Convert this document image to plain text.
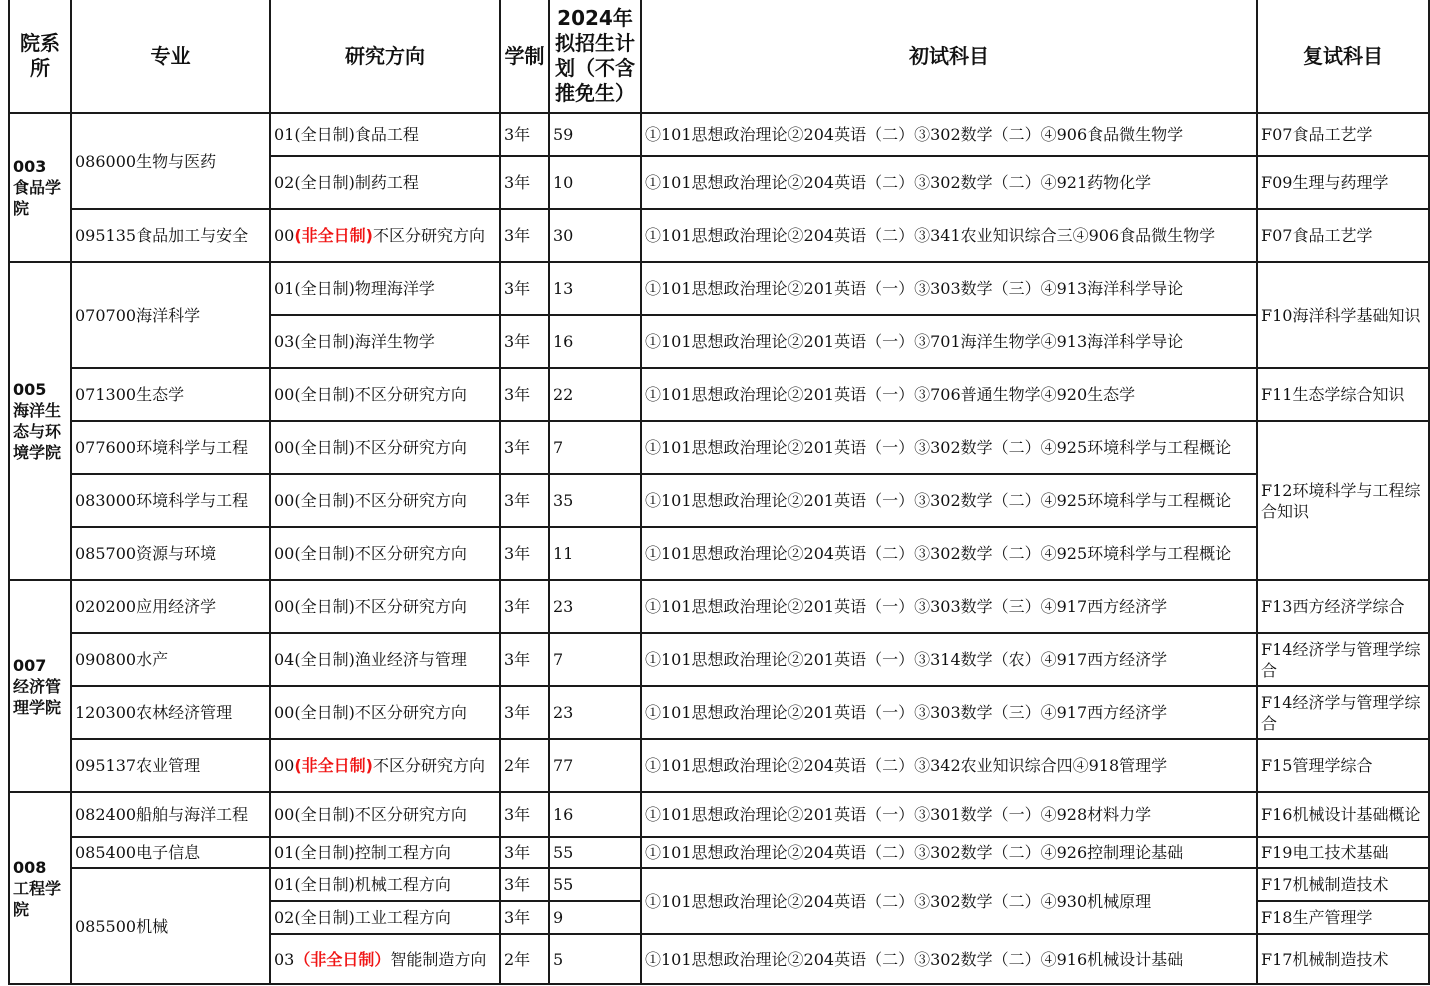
院系所	专业	研究方向	学制	2024年拟招生计划（不含推免生）	初试科目	复试科目
003
食品学院	086000生物与医药	01(全日制)食品工程	3年	59	①101思想政治理论②204英语（二）③302数学（二）④906食品微生物学	F07食品工艺学
		02(全日制)制药工程	3年	10	①101思想政治理论②204英语（二）③302数学（二）④921药物化学	F09生理与药理学
	095135食品加工与安全	00(非全日制)不区分研究方向	3年	30	①101思想政治理论②204英语（二）③341农业知识综合三④906食品微生物学	F07食品工艺学
005
海洋生态与环境学院	070700海洋科学	01(全日制)物理海洋学	3年	13	①101思想政治理论②201英语（一）③303数学（三）④913海洋科学导论	F10海洋科学基础知识
		03(全日制)海洋生物学	3年	16	①101思想政治理论②201英语（一）③701海洋生物学④913海洋科学导论	
	071300生态学	00(全日制)不区分研究方向	3年	22	①101思想政治理论②201英语（一）③706普通生物学④920生态学	F11生态学综合知识
	077600环境科学与工程	00(全日制)不区分研究方向	3年	7	①101思想政治理论②201英语（一）③302数学（二）④925环境科学与工程概论	F12环境科学与工程综合知识
	083000环境科学与工程	00(全日制)不区分研究方向	3年	35	①101思想政治理论②201英语（一）③302数学（二）④925环境科学与工程概论	
	085700资源与环境	00(全日制)不区分研究方向	3年	11	①101思想政治理论②204英语（二）③302数学（二）④925环境科学与工程概论	
007
经济管理学院	020200应用经济学	00(全日制)不区分研究方向	3年	23	①101思想政治理论②201英语（一）③303数学（三）④917西方经济学	F13西方经济学综合
	090800水产	04(全日制)渔业经济与管理	3年	7	①101思想政治理论②201英语（一）③314数学（农）④917西方经济学	F14经济学与管理学综合
	120300农林经济管理	00(全日制)不区分研究方向	3年	23	①101思想政治理论②201英语（一）③303数学（三）④917西方经济学	F14经济学与管理学综合
	095137农业管理	00(非全日制)不区分研究方向	2年	77	①101思想政治理论②204英语（二）③342农业知识综合四④918管理学	F15管理学综合
008
工程学院	082400船舶与海洋工程	00(全日制)不区分研究方向	3年	16	①101思想政治理论②201英语（一）③301数学（一）④928材料力学	F16机械设计基础概论
	085400电子信息	01(全日制)控制工程方向	3年	55	①101思想政治理论②204英语（二）③302数学（二）④926控制理论基础	F19电工技术基础
	085500机械	01(全日制)机械工程方向	3年	55	①101思想政治理论②204英语（二）③302数学（二）④930机械原理	F17机械制造技术
		02(全日制)工业工程方向	3年	9		F18生产管理学
		03（非全日制）智能制造方向	2年	5	①101思想政治理论②204英语（二）③302数学（二）④916机械设计基础	F17机械制造技术
